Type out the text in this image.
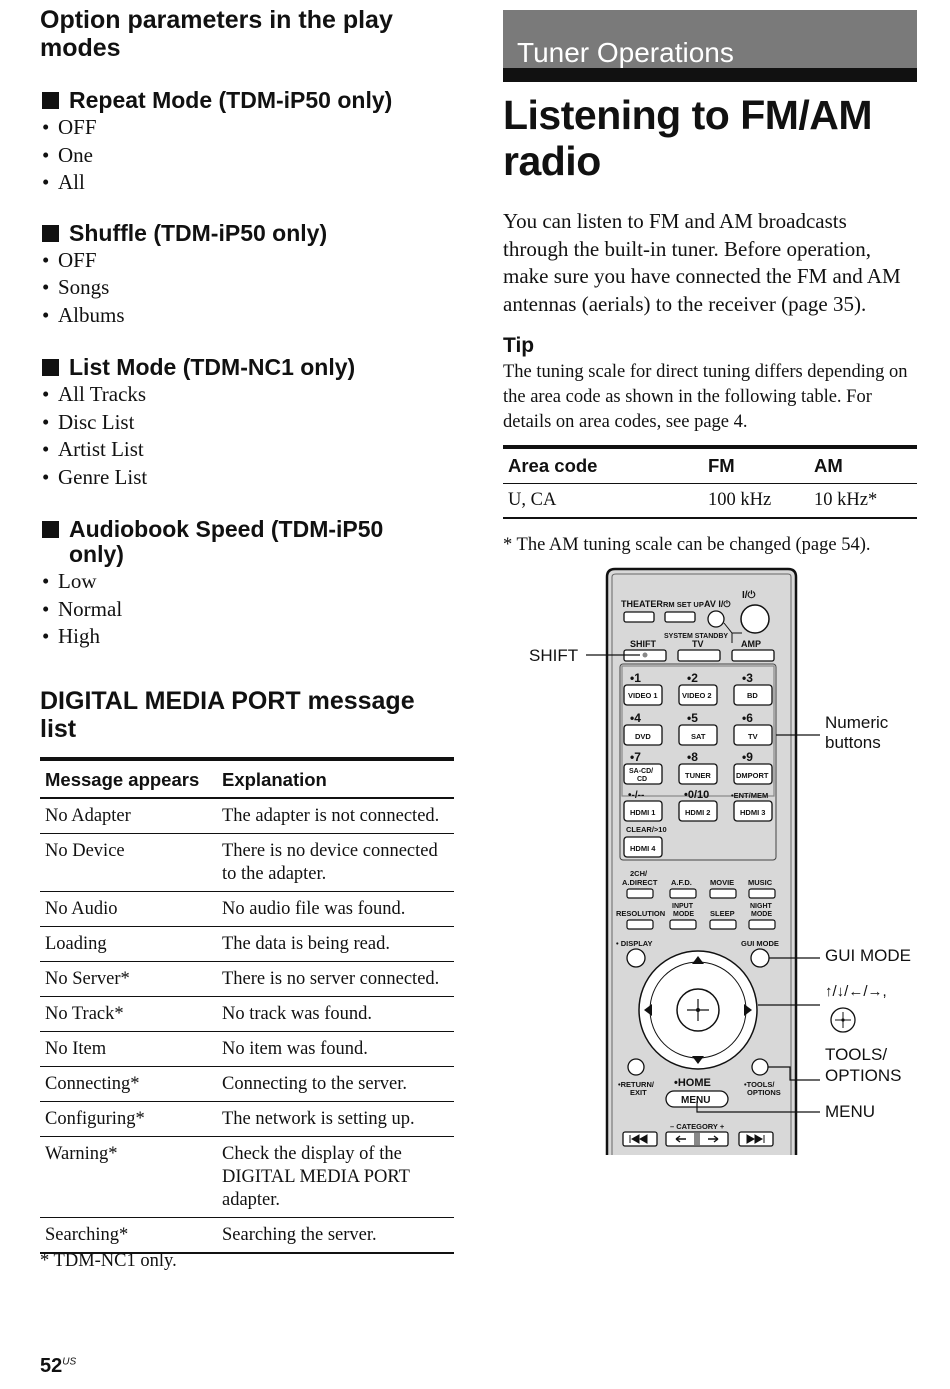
Option parameters in the play modes
Repeat Mode (TDM-iP50 only)
• OFF
• One
• All
Shuffle (TDM-iP50 only)
• OFF
• Songs
• Albums
List Mode (TDM-NC1 only)
• All Tracks
• Disc List
• Artist List
• Genre List
Audiobook Speed (TDM-iP50 only)
• Low
• Normal
• High
DIGITAL MEDIA PORT message list
Message appears	Explanation
No Adapter	The adapter is not connected.
No Device	There is no device connected to the adapter.
No Audio	No audio file was found.
Loading	The data is being read.
No Server*	There is no server connected.
No Track*	No track was found.
No Item	No item was found.
Connecting*	Connecting to the server.
Configuring*	The network is setting up.
Warning*	Check the display of the DIGITAL MEDIA PORT adapter.
Searching*	Searching the server.
* TDM-NC1 only.
Tuner Operations
Listening to FM/AM radio

You can listen to FM and AM broadcasts through the built-in tuner. Before operation, make sure you have connected the FM and AM antennas (aerials) to the receiver (page 35).

Tip

The tuning scale for direct tuning differs depending on the area code as shown in the following table. For details on area codes, see page 4.

Area code	FM	AM
U, CA	100 kHz	10 kHz*

* The AM tuning scale can be changed (page 54).

THEATER RM SET UP AV I/⏻
I/⏻
SYSTEM STANDBY
SHIFT	TV	AMP
•1	•2	•3
VIDEO 1	VIDEO 2	BD
•4	•5	•6
DVD	SAT	TV
•7	•8	•9
SA-CD/
CD	TUNER	DMPORT
•-/--	•0/10	•ENT/MEM
HDMI 1	HDMI 2	HDMI 3
CLEAR/>10
HDMI 4
2CH/
A.DIRECT A.F.D. MOVIE MUSIC
INPUT	NIGHT
RESOLUTION MODE SLEEP MODE
• DISPLAY	GUI MODE
•RETURN/
EXIT
•TOOLS/
OPTIONS
•HOME
MENU
– CATEGORY +
SHIFT
Numeric
buttons
GUI MODE
↑/↓/←/→,
TOOLS/
OPTIONS
MENU
$52^{US}$
